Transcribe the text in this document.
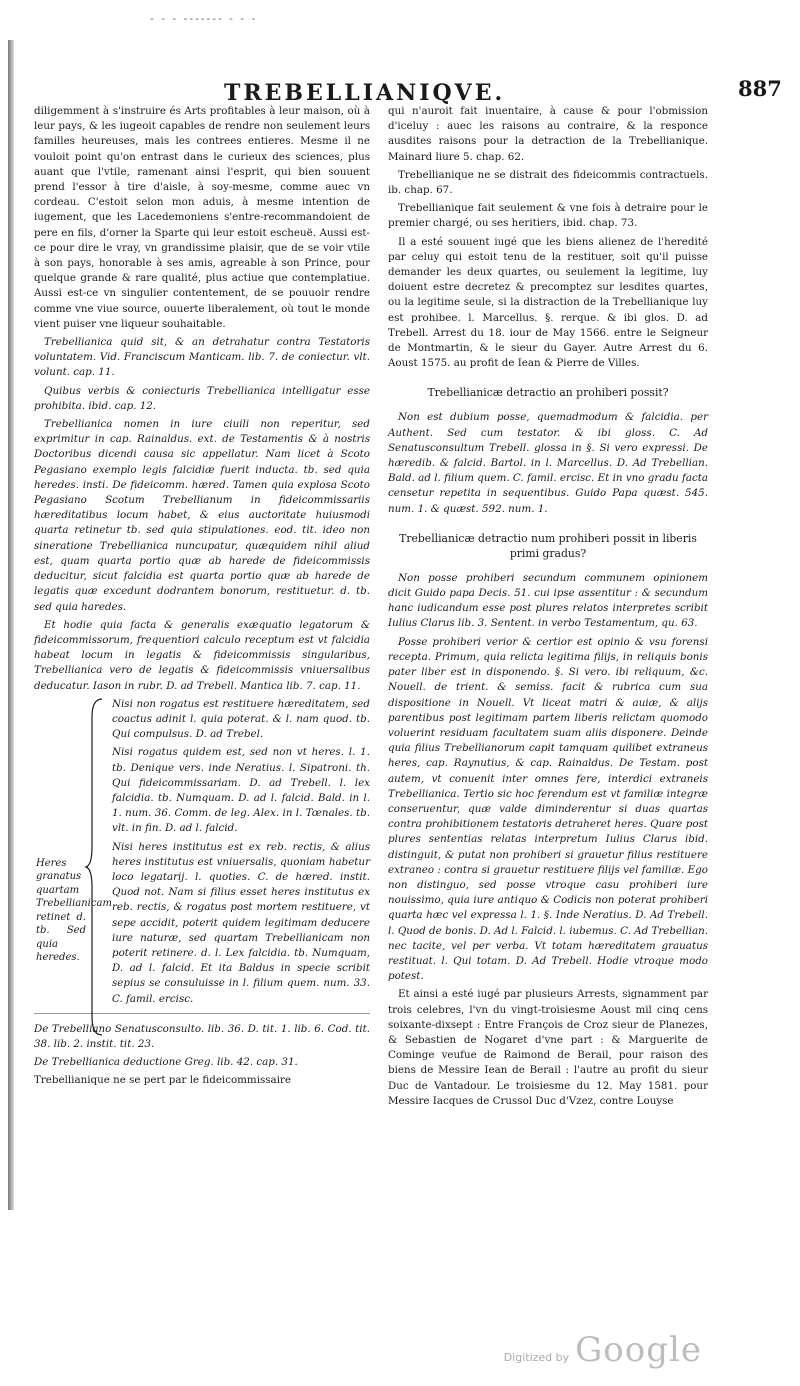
- - - ------- - - -
TREBELLIANIQVE.	887

diligemment à s'instruire és Arts profitables à leur maison, où à leur pays, & les iugeoit capables de rendre non seulement leurs familles heureuses, mais les contrees entieres. Mesme il ne vouloit point qu'on entrast dans le curieux des sciences, plus auant que l'vtile, ramenant ainsi l'esprit, qui bien souuent prend l'essor à tire d'aisle, à soy-mesme, comme auec vn cordeau. C'estoit selon mon aduis, à mesme intention de iugement, que les Lacedemoniens s'entre-recommandoient de pere en fils, d'orner la Sparte qui leur estoit escheuë. Aussi est-ce pour dire le vray, vn grandissime plaisir, que de se voir vtile à son pays, honorable à ses amis, agreable à son Prince, pour quelque grande & rare qualité, plus actiue que contemplatiue. Aussi est-ce vn singulier contentement, de se pouuoir rendre comme vne viue source, ouuerte liberalement, où tout le monde vient puiser vne liqueur souhaitable.

Trebellianica quid sit, & an detrahatur contra Testatoris voluntatem. Vid. Franciscum Manticam. lib. 7. de coniectur. vlt. volunt. cap. 11.

Quibus verbis & coniecturis Trebellianica intelligatur esse prohibita. ibid. cap. 12.

Trebellianica nomen in iure ciuili non reperitur, sed exprimitur in cap. Rainaldus. ext. de Testamentis & à nostris Doctoribus dicendi causa sic appellatur. Nam licet à Scoto Pegasiano exemplo legis falcidiæ fuerit inducta. tb. sed quia heredes. insti. De fideicomm. hæred. Tamen quia explosa Scoto Pegasiano Scotum Trebellianum in fideicommissariis hæreditatibus locum habet, & eius auctoritate huiusmodi quarta retinetur tb. sed quia stipulationes. eod. tit. ideo non sineratione Trebellianica nuncupatur, quæquidem nihil aliud est, quam quarta portio quæ ab harede de fideicommissis deducitur, sicut falcidia est quarta portio quæ ab harede de legatis quæ excedunt dodrantem bonorum, restituetur. d. tb. sed quia haredes.

Et hodie quia facta & generalis exæquatio legatorum & fideicommissorum, frequentiori calculo receptum est vt falcidia habeat locum in legatis & fideicommissis singularibus, Trebellianica vero de legatis & fideicommissis vniuersalibus deducatur. Iason in rubr. D. ad Trebell. Mantica lib. 7. cap. 11.

Heres granatus quartam Trebellianicam retinet d. tb. Sed quia heredes.

Nisi non rogatus est restituere hæreditatem, sed coactus adinit l. quia poterat. & l. nam quod. tb. Qui compulsus. D. ad Trebel.

Nisi rogatus quidem est, sed non vt heres. l. 1. tb. Denique vers. inde Neratius. l. Sipatroni. th. Qui fideicommissariam. D. ad Trebell. l. lex falcidia. tb. Numquam. D. ad l. falcid. Bald. in l. 1. num. 36. Comm. de leg. Alex. in l. Tœnales. tb. vlt. in fin. D. ad l. falcid.

Nisi heres institutus est ex reb. rectis, & alius heres institutus est vniuersalis, quoniam habetur loco legatarij. l. quoties. C. de hæred. instit. Quod not. Nam si filius esset heres institutus ex reb. rectis, & rogatus post mortem restituere, vt sepe accidit, poterit quidem legitimam deducere iure naturæ, sed quartam Trebellianicam non poterit retinere. d. l. Lex falcidia. tb. Numquam, D. ad l. falcid. Et ita Baldus in specie scribit sepius se consuluisse in l. filium quem. num. 33. C. famil. ercisc.

De Trebelliano Senatusconsulto. lib. 36. D. tit. 1. lib. 6. Cod. tit. 38. lib. 2. instit. tit. 23.

De Trebellianica deductione Greg. lib. 42. cap. 31.

Trebellianique ne se pert par le fideicommissaire

qui n'auroit fait inuentaire, à cause & pour l'obmission d'iceluy : auec les raisons au contraire, & la responce ausdites raisons pour la detraction de la Trebellianique. Mainard liure 5. chap. 62.

Trebellianique ne se distrait des fideicommis contractuels. ib. chap. 67.

Trebellianique fait seulement & vne fois à detraire pour le premier chargé, ou ses heritiers, ibid. chap. 73.

Il a esté souuent iugé que les biens alienez de l'heredité par celuy qui estoit tenu de la restituer, soit qu'il puisse demander les deux quartes, ou seulement la legitime, luy doiuent estre decretez & precomptez sur lesdites quartes, ou la legitime seule, si la distraction de la Trebellianique luy est prohibee. l. Marcellus. §. rerque. & ibi glos. D. ad Trebell. Arrest du 18. iour de May 1566. entre le Seigneur de Montmartin, & le sieur du Gayer. Autre Arrest du 6. Aoust 1575. au profit de Iean & Pierre de Villes.

Trebellianicæ detractio an prohiberi possit?

Non est dubium posse, quemadmodum & falcidia. per Authent. Sed cum testator. & ibi gloss. C. Ad Senatusconsultum Trebell. glossa in §. Si vero expressi. De hæredib. & falcid. Bartol. in l. Marcellus. D. Ad Trebellian. Bald. ad l. filium quem. C. famil. ercisc. Et in vno gradu facta censetur repetita in sequentibus. Guido Papa quæst. 545. num. 1. & quæst. 592. num. 1.

Trebellianicæ detractio num prohiberi possit in liberis primi gradus?

Non posse prohiberi secundum communem opinionem dicit Guido papa Decis. 51. cui ipse assentitur : & secundum hanc iudicandum esse post plures relatos interpretes scribit Iulius Clarus lib. 3. Sentent. in verbo Testamentum, qu. 63.

Posse prohiberi verior & certior est opinio & vsu forensi recepta. Primum, quia relicta legitima filijs, in reliquis bonis pater liber est in disponendo. §. Si vero. ibi reliquum, &c. Nouell. de trient. & semiss. facit & rubrica cum sua dispositione in Nouell. Vt liceat matri & auiæ, & alijs parentibus post legitimam partem liberis relictam quomodo voluerint residuam facultatem suam aliis disponere. Deinde quia filius Trebellianorum capit tamquam quilibet extraneus heres, cap. Raynutius, & cap. Rainaldus. De Testam. post autem, vt conuenit inter omnes fere, interdici extraneis Trebellianica. Tertio sic hoc ferendum est vt familiæ integræ conseruentur, quæ valde diminderentur si duas quartas contra prohibitionem testatoris detraheret heres. Quare post plures sententias relatas interpretum Iulius Clarus ibid. distinguit, & putat non prohiberi si grauetur filius restituere extraneo : contra si grauetur restituere filijs vel familiæ. Ego non distinguo, sed posse vtroque casu prohiberi iure nouissimo, quia iure antiquo & Codicis non poterat prohiberi quarta hæc vel expressa l. 1. §. Inde Neratius. D. Ad Trebell. l. Quod de bonis. D. Ad l. Falcid. l. iubemus. C. Ad Trebellian. nec tacite, vel per verba. Vt totam hæreditatem grauatus restituat. l. Qui totam. D. Ad Trebell. Hodie vtroque modo potest.

Et ainsi a esté iugé par plusieurs Arrests, signamment par trois celebres, l'vn du vingt-troisiesme Aoust mil cinq cens soixante-dixsept : Entre François de Croz sieur de Planezes, & Sebastien de Nogaret d'vne part : & Marguerite de Cominge veufue de Raimond de Berail, pour raison des biens de Messire Iean de Berail : l'autre au profit du sieur Duc de Vantadour. Le troisiesme du 12. May 1581. pour Messire Iacques de Crussol Duc d'Vzez, contre Louyse

Digitized by Google
